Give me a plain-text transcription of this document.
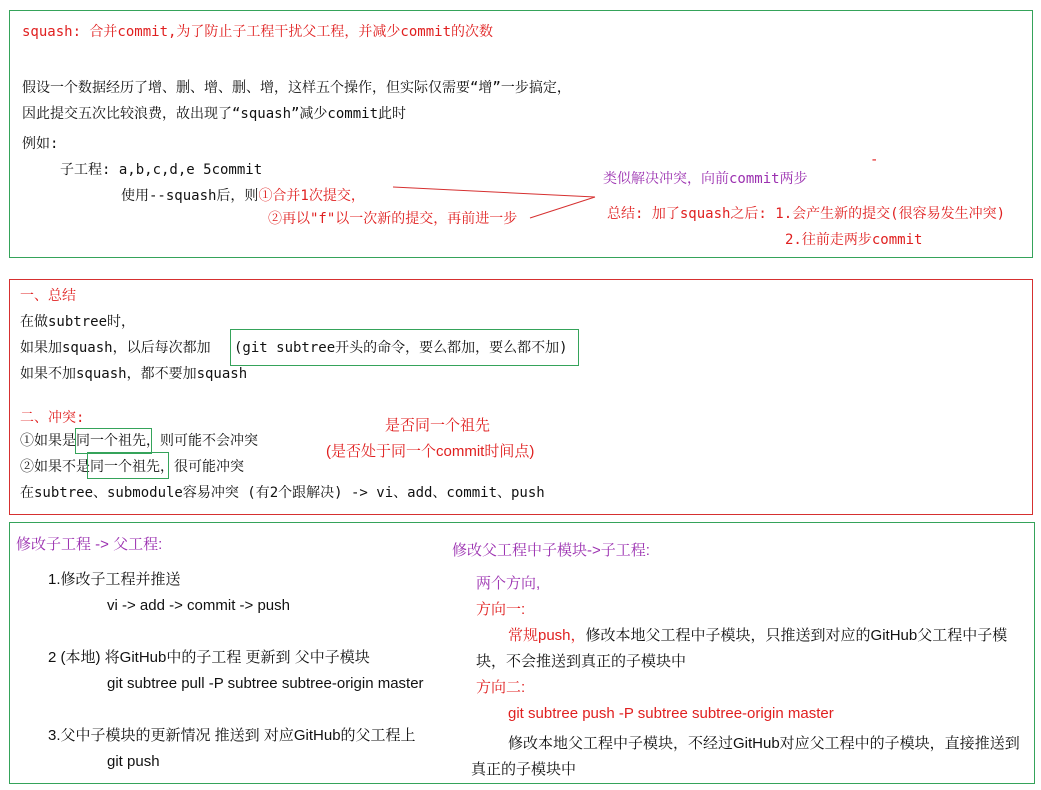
squash: 合并commit,为了防止子工程干扰父工程，并减少commit的次数
假设一个数据经历了增、删、增、删、增，这样五个操作，但实际仅需要“增”一步搞定，
因此提交五次比较浪费，故出现了“squash”减少commit此时
例如:
子工程: a,b,c,d,e 5commit
使用--squash后，则①合并1次提交，
②再以"f"以一次新的提交，再前进一步
类似解决冲突，向前commit两步
-
总结: 加了squash之后: 1.会产生新的提交(很容易发生冲突)
2.往前走两步commit
一、总结
在做subtree时，
如果加squash，以后每次都加 (git subtree开头的命令，要么都加，要么都不加)
如果不加squash，都不要加squash
二、冲突:
①如果是同一个祖先，则可能不会冲突
②如果不是同一个祖先，很可能冲突
在subtree、submodule容易冲突 (有2个跟解决) -> vi、add、commit、push
是否同一个祖先
(是否处于同一个commit时间点)
修改子工程 -> 父工程:
1.修改子工程并推送
vi -> add -> commit -> push
2 (本地) 将GitHub中的子工程 更新到 父中子模块
git subtree pull -P subtree subtree-origin master
3.父中子模块的更新情况 推送到 对应GitHub的父工程上
git push
修改父工程中子模块->子工程:
两个方向,
方向一:
常规push，修改本地父工程中子模块，只推送到对应的GitHub父工程中子模
块，不会推送到真正的子模块中
方向二:
git subtree push -P subtree subtree-origin master
修改本地父工程中子模块，不经过GitHub对应父工程中的子模块，直接推送到
真正的子模块中
